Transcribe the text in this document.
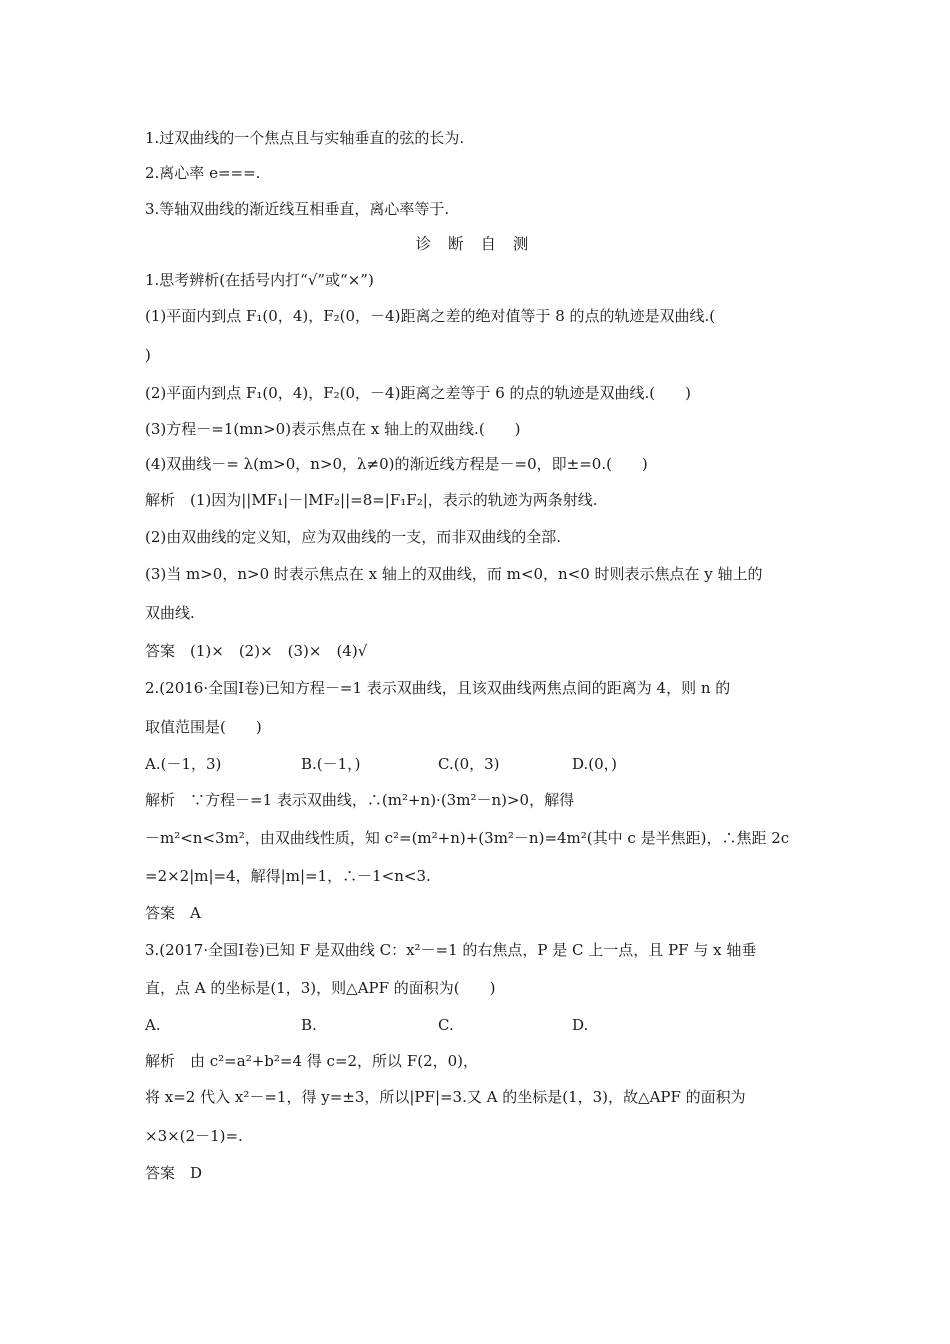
1.过双曲线的一个焦点且与实轴垂直的弦的长为.
2.离心率 e===.
3.等轴双曲线的渐近线互相垂直，离心率等于.
诊 断 自 测
1.思考辨析(在括号内打“√”或“×”)
(1)平面内到点 F₁(0，4)，F₂(0，－4)距离之差的绝对值等于 8 的点的轨迹是双曲线.(
)
(2)平面内到点 F₁(0，4)，F₂(0，－4)距离之差等于 6 的点的轨迹是双曲线.(　　)
(3)方程－=1(mn>0)表示焦点在 x 轴上的双曲线.(　　)
(4)双曲线－= λ(m>0，n>0，λ≠0)的渐近线方程是－=0，即±=0.(　　)
解析　(1)因为||MF₁|－|MF₂||=8=|F₁F₂|，表示的轨迹为两条射线.
(2)由双曲线的定义知，应为双曲线的一支，而非双曲线的全部.
(3)当 m>0，n>0 时表示焦点在 x 轴上的双曲线，而 m<0，n<0 时则表示焦点在 y 轴上的
双曲线.
答案　(1)×　(2)×　(3)×　(4)√
2.(2016·全国Ⅰ卷)已知方程－=1 表示双曲线，且该双曲线两焦点间的距离为 4，则 n 的
取值范围是(　　)
A.(－1，3)	B.(－1，)	C.(0，3)	D.(0，)
解析　∵方程－=1 表示双曲线，∴(m²+n)·(3m²－n)>0，解得
－m²<n<3m²，由双曲线性质，知 c²=(m²+n)+(3m²－n)=4m²(其中 c 是半焦距)，∴焦距 2c
=2×2|m|=4，解得|m|=1，∴－1<n<3.
答案　A
3.(2017·全国Ⅰ卷)已知 F 是双曲线 C：x²－=1 的右焦点，P 是 C 上一点，且 PF 与 x 轴垂
直，点 A 的坐标是(1，3)，则△APF 的面积为(　　)
A.	B.	C.	D.
解析　由 c²=a²+b²=4 得 c=2，所以 F(2，0)，
将 x=2 代入 x²－=1，得 y=±3，所以|PF|=3.又 A 的坐标是(1，3)，故△APF 的面积为
×3×(2－1)=.
答案　D
